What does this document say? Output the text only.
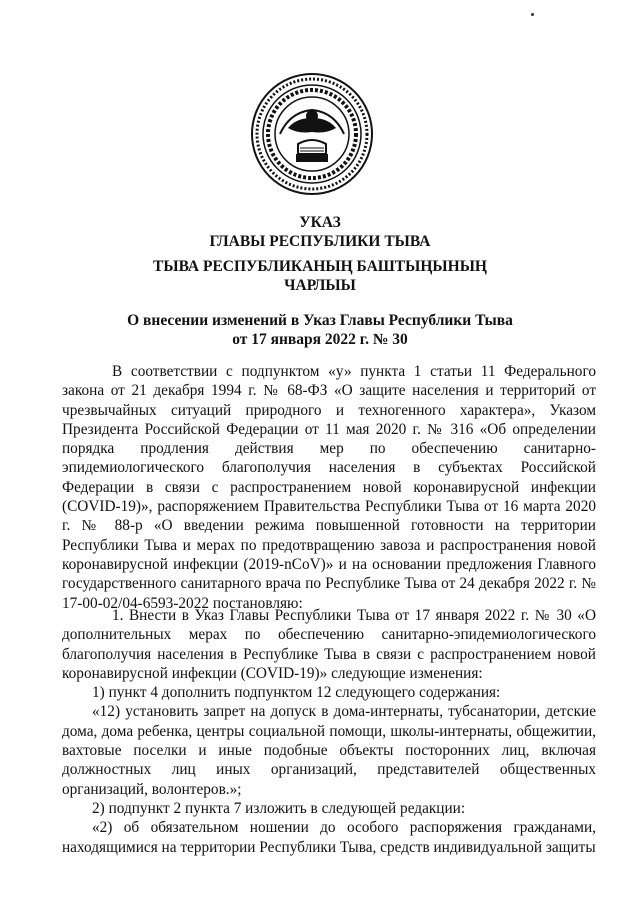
УКАЗ
ГЛАВЫ РЕСПУБЛИКИ ТЫВА
ТЫВА РЕСПУБЛИКАНЫҢ БАШТЫҢЫНЫҢ
ЧАРЛЫЫ
О внесении изменений в Указ Главы Республики Тыва
от 17 января 2022 г. № 30

В соответствии с подпунктом «у» пункта 1 статьи 11 Федерального закона от 21 декабря 1994 г. № 68-ФЗ «О защите населения и территорий от чрезвычайных ситуаций природного и техногенного характера», Указом Президента Российской Федерации от 11 мая 2020 г. № 316 «Об определении порядка продления действия мер по обеспечению санитарно-эпидемиологического благополучия населения в субъектах Российской Федерации в связи с распространением новой коронавирусной инфекции (COVID-19)», распоряжением Правительства Республики Тыва от 16 марта 2020 г. № 88-р «О введении режима повышенной готовности на территории Республики Тыва и мерах по предотвращению завоза и распространения новой коронавирусной инфекции (2019-nCoV)» и на основании предложения Главного государственного санитарного врача по Республике Тыва от 24 декабря 2022 г. № 17-00-02/04-6593-2022 постановляю:

1. Внести в Указ Главы Республики Тыва от 17 января 2022 г. № 30 «О дополнительных мерах по обеспечению санитарно-эпидемиологического благополучия населения в Республике Тыва в связи с распространением новой коронавирусной инфекции (COVID-19)» следующие изменения:

1) пункт 4 дополнить подпунктом 12 следующего содержания:

«12) установить запрет на допуск в дома-интернаты, тубсанатории, детские дома, дома ребенка, центры социальной помощи, школы-интернаты, общежитии, вахтовые поселки и иные подобные объекты посторонних лиц, включая должностных лиц иных организаций, представителей общественных организаций, волонтеров.»;

2) подпункт 2 пункта 7 изложить в следующей редакции:

«2) об обязательном ношении до особого распоряжения гражданами, находящимися на территории Республики Тыва, средств индивидуальной защиты
